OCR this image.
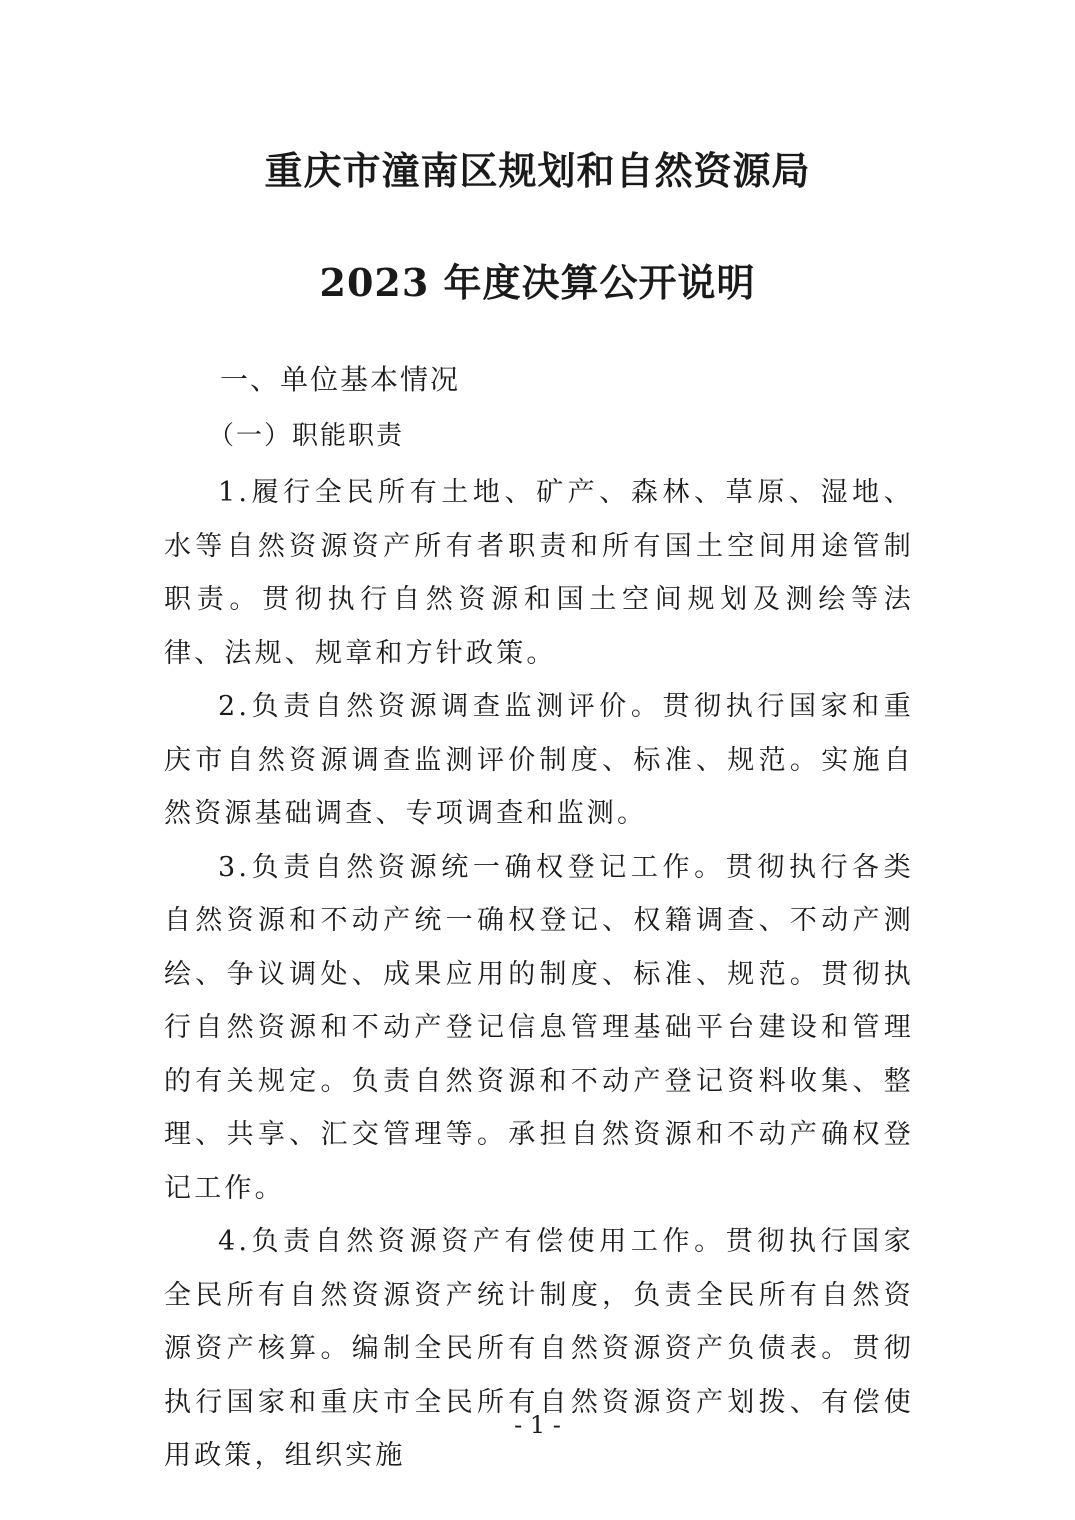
重庆市潼南区规划和自然资源局
2023 年度决算公开说明
一、单位基本情况
（一）职能职责

1.履行全民所有土地、矿产、森林、草原、湿地、水等自然资源资产所有者职责和所有国土空间用途管制职责。贯彻执行自然资源和国土空间规划及测绘等法律、法规、规章和方针政策。

2.负责自然资源调查监测评价。贯彻执行国家和重庆市自然资源调查监测评价制度、标准、规范。实施自然资源基础调查、专项调查和监测。

3.负责自然资源统一确权登记工作。贯彻执行各类自然资源和不动产统一确权登记、权籍调查、不动产测绘、争议调处、成果应用的制度、标准、规范。贯彻执行自然资源和不动产登记信息管理基础平台建设和管理的有关规定。负责自然资源和不动产登记资料收集、整理、共享、汇交管理等。承担自然资源和不动产确权登记工作。

4.负责自然资源资产有偿使用工作。贯彻执行国家全民所有自然资源资产统计制度，负责全民所有自然资源资产核算。编制全民所有自然资源资产负债表。贯彻执行国家和重庆市全民所有自然资源资产划拨、有偿使用政策，组织实施

- 1 -
